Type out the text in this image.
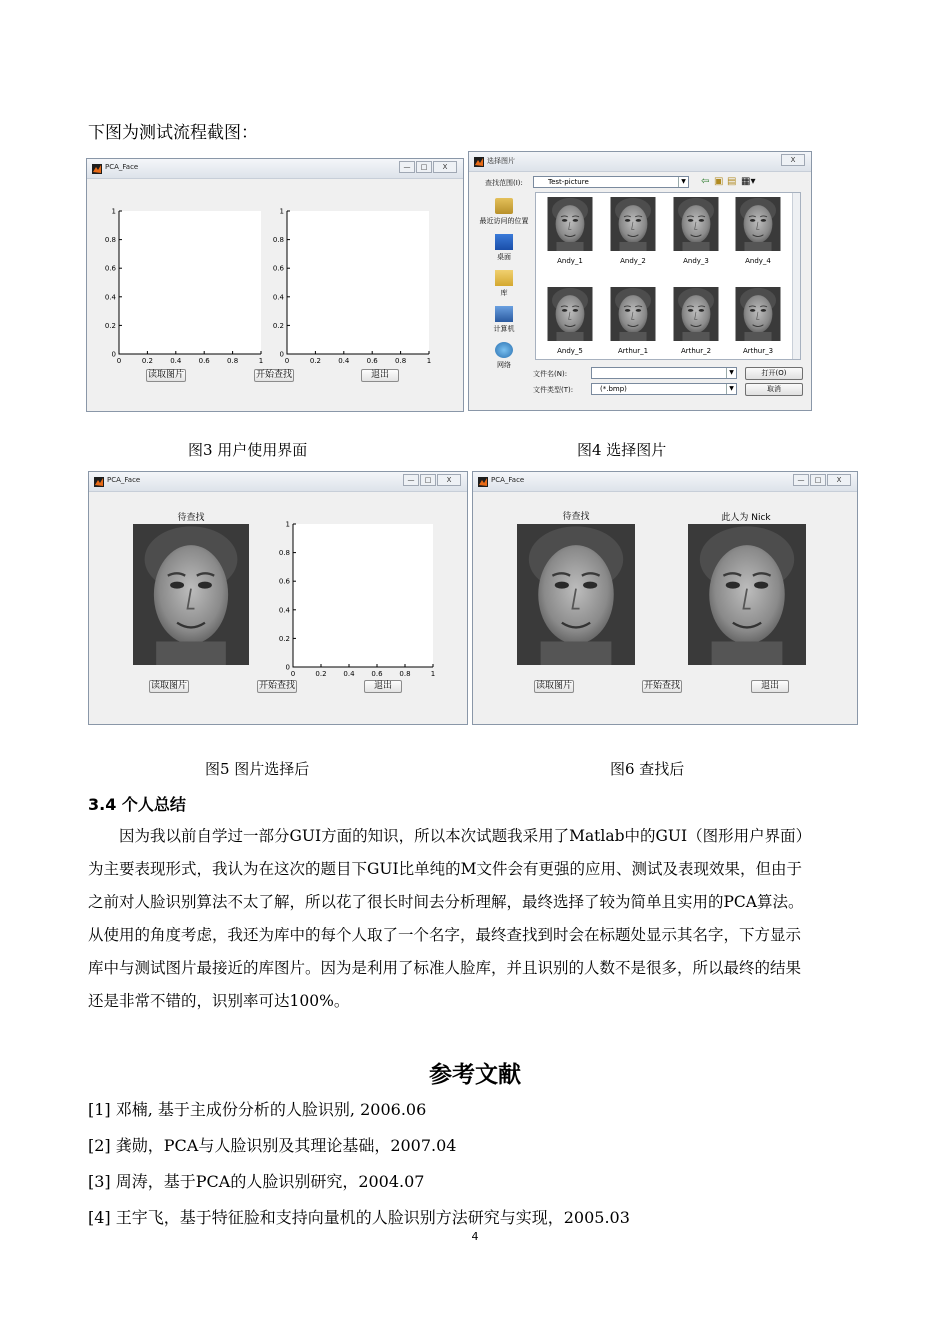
下图为测试流程截图：
PCA_Face	—	□	X
0	0.2 0.4 0.6 0.8	1
0
0.2
0.4
0.6
0.8
1
0	0.2 0.4 0.6 0.8	1
0
0.2
0.4
0.6
0.8
1
读取图片	开始查找	退出
选择图片	X
查找范围(I):	Test-picture	▼ ⇦ ▣ ▤ ▦▾
最近访问的位置
桌面
库
计算机
网络
Andy_1	Andy_2	Andy_3	Andy_4
Andy_5	Arthur_1	Arthur_2	Arthur_3
文件名(N):	▼
文件类型(T):	(*.bmp)	▼
打开(O)
取消
图3 用户使用界面	图4 选择图片
PCA_Face	—	□	X
待查找
0	0.2 0.4 0.6 0.8	1
0
0.2
0.4
0.6
0.8
1
读取图片	开始查找	退出
PCA_Face	—	□	X
待查找	此人为 Nick
读取图片	开始查找	退出
图5 图片选择后	图6 查找后
3.4 个人总结
因为我以前自学过一部分GUI方面的知识，所以本次试题我采用了Matlab中的GUI（图形用户界面）
为主要表现形式，我认为在这次的题目下GUI比单纯的M文件会有更强的应用、测试及表现效果，但由于
之前对人脸识别算法不太了解，所以花了很长时间去分析理解，最终选择了较为简单且实用的PCA算法。
从使用的角度考虑，我还为库中的每个人取了一个名字，最终查找到时会在标题处显示其名字，下方显示
库中与测试图片最接近的库图片。因为是利用了标准人脸库，并且识别的人数不是很多，所以最终的结果
还是非常不错的，识别率可达100%。
参考文献
[1] 邓楠, 基于主成份分析的人脸识别, 2006.06
[2] 龚勋，PCA与人脸识别及其理论基础，2007.04
[3] 周涛，基于PCA的人脸识别研究，2004.07
[4] 王宇飞，基于特征脸和支持向量机的人脸识别方法研究与实现，2005.03
4
